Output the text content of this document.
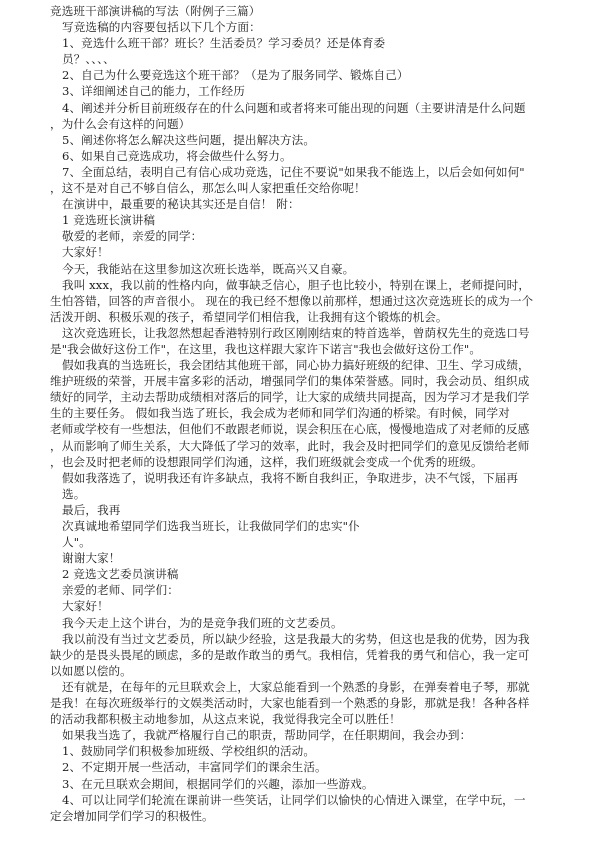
竞选班干部演讲稿的写法（附例子三篇）

写竞选稿的内容要包括以下几个方面：

1、竞选什么班干部？班长？生活委员？学习委员？还是体育委

员？、、、、

2、自己为什么要竞选这个班干部？（是为了服务同学、锻炼自己）

3、详细阐述自己的能力，工作经历

4、阐述并分析目前班级存在的什么问题和或者将来可能出现的问题（主要讲清是什么问题

，为什么会有这样的问题）

5、阐述你将怎么解决这些问题，提出解决方法。

6、如果自己竞选成功，将会做些什么努力。

7、全面总结，表明自己有信心成功竞选，记住不要说"如果我不能选上，以后会如何如何"

，这不是对自己不够自信么，那怎么叫人家把重任交给你呢！

在演讲中，最重要的秘诀其实还是自信！ 附：

1 竞选班长演讲稿

敬爱的老师，亲爱的同学：

大家好！

今天，我能站在这里参加这次班长选举，既高兴又自豪。

我叫 xxx，我以前的性格内向，做事缺乏信心，胆子也比较小，特别在课上，老师提问时，

生怕答错，回答的声音很小。 现在的我已经不想像以前那样，想通过这次竞选班长的成为一个

活泼开朗、积极乐观的孩子，希望同学们相信我，让我拥有这个锻炼的机会。

这次竞选班长，让我忽然想起香港特别行政区刚刚结束的特首选举，曾荫权先生的竞选口号

是"我会做好这份工作"，在这里，我也这样跟大家许下诺言"我也会做好这份工作"。

假如我真的当选班长，我会团结其他班干部，同心协力搞好班级的纪律、卫生、学习成绩，

维护班级的荣誉，开展丰富多彩的活动，增强同学们的集体荣誉感。同时，我会动员、组织成

绩好的同学，主动去帮助成绩相对落后的同学，让大家的成绩共同提高，因为学习才是我们学

生的主要任务。 假如我当选了班长，我会成为老师和同学们沟通的桥梁。有时候，同学对

老师或学校有一些想法，但他们不敢跟老师说，误会积压在心底，慢慢地造成了对老师的反感

，从而影响了师生关系，大大降低了学习的效率，此时，我会及时把同学们的意见反馈给老师

，也会及时把老师的设想跟同学们沟通，这样，我们班级就会变成一个优秀的班级。

假如我落选了，说明我还有许多缺点，我将不断自我纠正，争取进步，决不气馁，下届再

选。

最后，我再

次真诚地希望同学们选我当班长，让我做同学们的忠实"仆

人"。

谢谢大家！

2 竞选文艺委员演讲稿

亲爱的老师、同学们：

大家好！

我今天走上这个讲台，为的是竞争我们班的文艺委员。

我以前没有当过文艺委员，所以缺少经验，这是我最大的劣势，但这也是我的优势，因为我

缺少的是畏头畏尾的顾虑，多的是敢作敢当的勇气。我相信，凭着我的勇气和信心，我一定可

以如愿以偿的。

还有就是，在每年的元旦联欢会上，大家总能看到一个熟悉的身影，在弹奏着电子琴，那就

是我！在每次班级举行的文娱类活动时，大家也能看到一个熟悉的身影，那就是我！各种各样

的活动我都积极主动地参加，从这点来说，我觉得我完全可以胜任！

如果我当选了，我就严格履行自己的职责，帮助同学，在任职期间，我会办到：

1、鼓励同学们积极参加班级、学校组织的活动。

2、不定期开展一些活动，丰富同学们的课余生活。

3、在元旦联欢会期间，根据同学们的兴趣，添加一些游戏。

4、可以让同学们轮流在课前讲一些笑话，让同学们以愉快的心情进入课堂，在学中玩，一

定会增加同学们学习的积极性。
